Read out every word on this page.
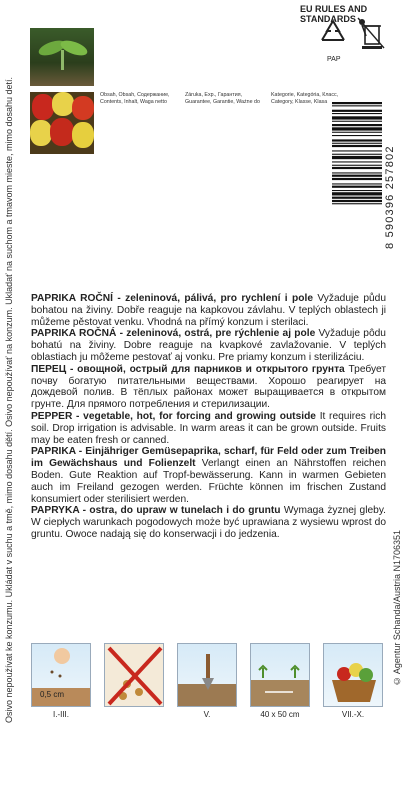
Osivo nepoužívat ke konzumu. Ukládat v suchu a tmě, mimo dosahu dětí. Osivo nepoužívať na konzum. Ukladať na suchom a tmavom mieste, mimo dosahu detí.	© Agentur Schanda/Austria N1706351
EU RULES AND STANDARDS
PAP
Obsah, Obsah, Содержание,
Contents, Inhalt, Waga netto
Záruka, Exp., Гарантия,
Guarantee, Garantie, Ważne do
Kategorie, Kategória, Класс,
Category, Klasse, Klasa
8 590396 257802

PAPRIKA ROČNÍ - zeleninová, pálivá, pro rychlení i pole Vyžaduje půdu bohatou na živiny. Dobře reaguje na kapkovou závlahu. V teplých oblastech ji můžeme pěstovat venku. Vhodná na přímý konzum i sterilaci.

PAPRIKA ROČNÁ - zeleninová, ostrá, pre rýchlenie aj pole Vyžaduje pôdu bohatú na živiny. Dobre reaguje na kvapkové zavlažovanie. V teplých oblastiach ju môžeme pestovať aj vonku. Pre priamy konzum i sterilizáciu.

ПЕРЕЦ - овощной, острый для парников и открытого грунта Требует почву богатую питательными веществами. Хорошо реагирует на дождевой полив. В тёплых районах может выращивается в открытом грунте. Для прямого потребления и стерилизации.

PEPPER - vegetable, hot, for forcing and growing outside It requires rich soil. Drop irrigation is advisable. In warm areas it can be grown outside. Fruits may be eaten fresh or canned.

PAPRIKA - Einjähriger Gemüsepaprika, scharf, für Feld oder zum Treiben im Gewächshaus und Folienzelt Verlangt einen an Nährstoffen reichen Boden. Gute Reaktion auf Tropf-bewässerung. Kann in warmen Gebieten auch im Freiland gezogen werden. Früchte können im frischen Zustand konsumiert oder sterilisiert werden.

PAPRYKA - ostra, do upraw w tunelach i do gruntu Wymaga żyznej gleby. W ciepłych warunkach pogodowych może być uprawiana z wysiewu wprost do gruntu. Owoce nadają się do konserwacji i do jedzenia.

0,5 cm
I.-III.	V.	40 x 50 cm	VII.-X.
